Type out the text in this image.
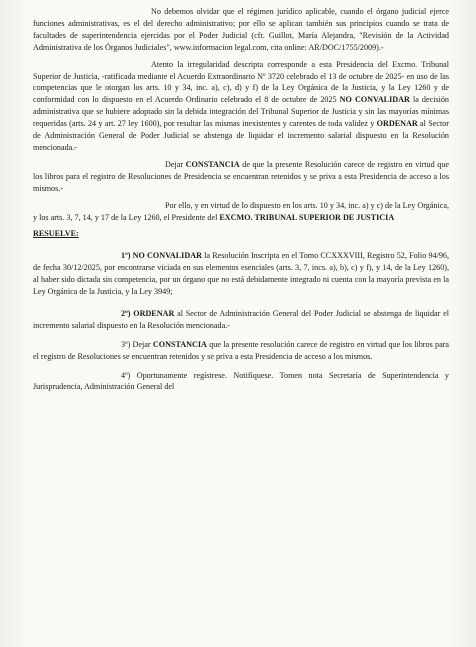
No debemos olvidar que el régimen jurídico aplicable, cuando el órgano judicial ejerce funciones administrativas, es el del derecho administrativo; por ello se aplican también sus principios cuando se trata de facultades de superintendencia ejercidas por el Poder Judicial (cfr. Guillot, María Alejandra, "Revisión de la Actividad Administrativa de los Órganos Judiciales", www.informacion legal.com, cita online: AR/DOC/1755/2009).-

Atento la irregularidad descripta corresponde a esta Presidencia del Excmo. Tribunal Superior de Justicia, -ratificada mediante el Acuerdo Extraordinario Nº 3720 celebrado el 13 de octubre de 2025- en uso de las competencias que le otorgan los arts. 10 y 34, inc. a), c), d) y f) de la Ley Orgánica de la Justicia, y la Ley 1260 y de conformidad con lo dispuesto en el Acuerdo Ordinario celebrado el 8 de octubre de 2025 NO CONVALIDAR la decisión administrativa que se hubiere adoptado sin la debida integración del Tribunal Superior de Justicia y sin las mayorías mínimas requeridas (arts. 24 y art. 27 ley 1600), por resultar las mismas inexistentes y carentes de toda validez y ORDENAR al Sector de Administración General de Poder Judicial se abstenga de liquidar el incremento salarial dispuesto en la Resolución mencionada.-

Dejar CONSTANCIA de que la presente Resolución carece de registro en virtud que los libros para el registro de Resoluciones de Presidencia se encuentran retenidos y se priva a esta Presidencia de acceso a los mismos.-

Por ello, y en virtud de lo dispuesto en los arts. 10 y 34, inc. a) y c) de la Ley Orgánica, y los arts. 3, 7, 14, y 17 de la Ley 1260, el Presidente del EXCMO. TRIBUNAL SUPERIOR DE JUSTICIA

RESUELVE:

1º) NO CONVALIDAR la Resolución Inscripta en el Tomo CCXXXVIII, Registro 52, Folio 94/96, de fecha 30/12/2025, por encontrarse viciada en sus elementos esenciales (arts. 3, 7, incs. a), b), c) y f), y 14, de la Ley 1260), al haber sido dictada sin competencia, por un órgano que no está debidamente integrado ni cuenta con la mayoría prevista en la Ley Orgánica de la Justicia, y la Ley 3949;

2º) ORDENAR al Sector de Administración General del Poder Judicial se abstenga de liquidar el incremento salarial dispuesto en la Resolución mencionada.-

3º) Dejar CONSTANCIA que la presente resolución carece de registro en virtud que los libros para el registro de Resoluciones se encuentran retenidos y se priva a esta Presidencia de acceso a los mismos.

4º) Oportunamente regístrese. Notifíquese. Tomen nota Secretaría de Superintendencia y Jurisprudencia, Administración General del
